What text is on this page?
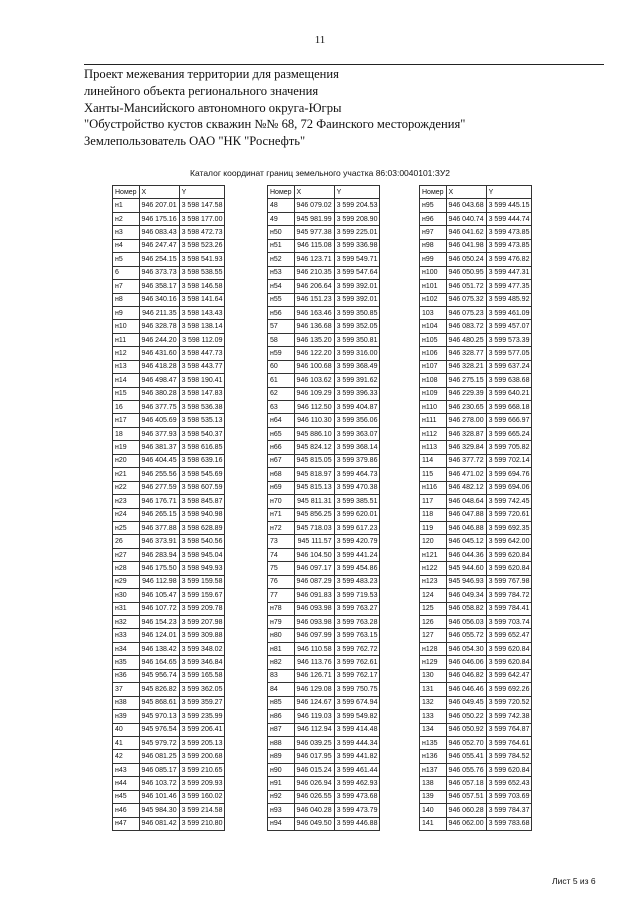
11
Проект межевания территории для размещения
линейного объекта регионального значения
Ханты-Мансийского автономного округа-Югры
"Обустройство кустов скважин №№ 68, 72 Фаинского месторождения"
Землепользователь ОАО "НК "Роснефть"
Каталог координат границ земельного участка 86:03:0040101:ЗУ2
Номер	X	Y
н1	946 207.01	3 598 147.58
н2	946 175.16	3 598 177.00
н3	946 083.43	3 598 472.73
н4	946 247.47	3 598 523.26
н5	946 254.15	3 598 541.93
6	946 373.73	3 598 538.55
н7	946 358.17	3 598 146.58
н8	946 340.16	3 598 141.64
н9	946 211.35	3 598 143.43
н10	946 328.78	3 598 138.14
н11	946 244.20	3 598 112.09
н12	946 431.60	3 598 447.73
н13	946 418.28	3 598 443.77
н14	946 498.47	3 598 190.41
н15	946 380.28	3 598 147.83
16	946 377.75	3 598 536.38
н17	946 405.69	3 598 535.13
18	946 377.93	3 598 540.37
н19	946 381.37	3 598 616.85
н20	946 404.45	3 598 639.16
н21	946 255.56	3 598 545.69
н22	946 277.59	3 598 607.59
н23	946 176.71	3 598 845.87
н24	946 265.15	3 598 940.98
н25	946 377.88	3 598 628.89
26	946 373.91	3 598 540.56
н27	946 283.94	3 598 945.04
н28	946 175.50	3 598 949.93
н29	946 112.98	3 599 159.58
н30	946 105.47	3 599 159.67
н31	946 107.72	3 599 209.78
н32	946 154.23	3 599 207.98
н33	946 124.01	3 599 309.88
н34	946 138.42	3 599 348.02
н35	946 164.65	3 599 346.84
н36	945 956.74	3 599 165.58
37	945 826.82	3 599 362.05
н38	945 868.61	3 599 359.27
н39	945 970.13	3 599 235.99
40	945 976.54	3 599 206.41
41	945 979.72	3 599 205.13
42	946 081.25	3 599 200.68
н43	946 085.17	3 599 210.65
н44	946 103.72	3 599 209.93
н45	946 101.46	3 599 160.02
н46	945 984.30	3 599 214.58
н47	946 081.42	3 599 210.80
Номер	X	Y
48	946 079.02	3 599 204.53
49	945 981.99	3 599 208.90
н50	945 977.38	3 599 225.01
н51	946 115.08	3 599 336.98
н52	946 123.71	3 599 549.71
н53	946 210.35	3 599 547.64
н54	946 206.64	3 599 392.01
н55	946 151.23	3 599 392.01
н56	946 163.46	3 599 350.85
57	946 136.68	3 599 352.05
58	946 135.20	3 599 350.81
н59	946 122.20	3 599 316.00
60	946 100.68	3 599 368.49
61	946 103.62	3 599 391.62
62	946 109.29	3 599 396.33
63	946 112.50	3 599 404.87
н64	946 110.30	3 599 356.06
н65	945 886.10	3 599 363.07
н66	945 824.12	3 599 368.14
н67	945 815.05	3 599 379.86
н68	945 818.97	3 599 464.73
н69	945 815.13	3 599 470.38
н70	945 811.31	3 599 385.51
н71	945 856.25	3 599 620.01
н72	945 718.03	3 599 617.23
73	945 111.57	3 599 420.79
74	946 104.50	3 599 441.24
75	946 097.17	3 599 454.86
76	946 087.29	3 599 483.23
77	946 091.83	3 599 719.53
н78	946 093.98	3 599 763.27
н79	946 093.98	3 599 763.28
н80	946 097.99	3 599 763.15
н81	946 110.58	3 599 762.72
н82	946 113.76	3 599 762.61
83	946 126.71	3 599 762.17
84	946 129.08	3 599 750.75
н85	946 124.67	3 599 674.94
н86	946 119.03	3 599 549.82
н87	946 112.94	3 599 414.48
н88	946 039.25	3 599 444.34
н89	946 017.95	3 599 441.82
н90	946 015.24	3 599 461.44
н91	946 026.94	3 599 462.93
н92	946 026.55	3 599 473.68
н93	946 040.28	3 599 473.79
н94	946 049.50	3 599 446.88
Номер	X	Y
н95	946 043.68	3 599 445.15
н96	946 040.74	3 599 444.74
н97	946 041.62	3 599 473.85
н98	946 041.98	3 599 473.85
н99	946 050.24	3 599 476.82
н100	946 050.95	3 599 447.31
н101	946 051.72	3 599 477.35
н102	946 075.32	3 599 485.92
103	946 075.23	3 599 461.09
н104	946 083.72	3 599 457.07
н105	946 480.25	3 599 573.39
н106	946 328.77	3 599 577.05
н107	946 328.21	3 599 637.24
н108	946 275.15	3 599 638.68
н109	946 229.39	3 599 640.21
н110	946 230.65	3 599 668.18
н111	946 278.00	3 599 666.97
н112	946 328.87	3 599 665.24
н113	946 329.84	3 599 705.82
114	946 377.72	3 599 702.14
115	946 471.02	3 599 694.76
н116	946 482.12	3 599 694.06
117	946 048.64	3 599 742.45
118	946 047.88	3 599 720.61
119	946 046.88	3 599 692.35
120	946 045.12	3 599 642.00
н121	946 044.36	3 599 620.84
н122	945 944.60	3 599 620.84
н123	945 946.93	3 599 767.98
124	946 049.34	3 599 784.72
125	946 058.82	3 599 784.41
126	946 056.03	3 599 703.74
127	946 055.72	3 599 652.47
н128	946 054.30	3 599 620.84
н129	946 046.06	3 599 620.84
130	946 046.82	3 599 642.47
131	946 046.46	3 599 692.26
132	946 049.45	3 599 720.52
133	946 050.22	3 599 742.38
134	946 050.92	3 599 764.87
н135	946 052.70	3 599 764.61
н136	946 055.41	3 599 784.52
н137	946 055.76	3 599 620.84
138	946 057.18	3 599 652.43
139	946 057.51	3 599 703.69
140	946 060.28	3 599 784.37
141	946 062.00	3 599 783.68
Лист 5 из 6
